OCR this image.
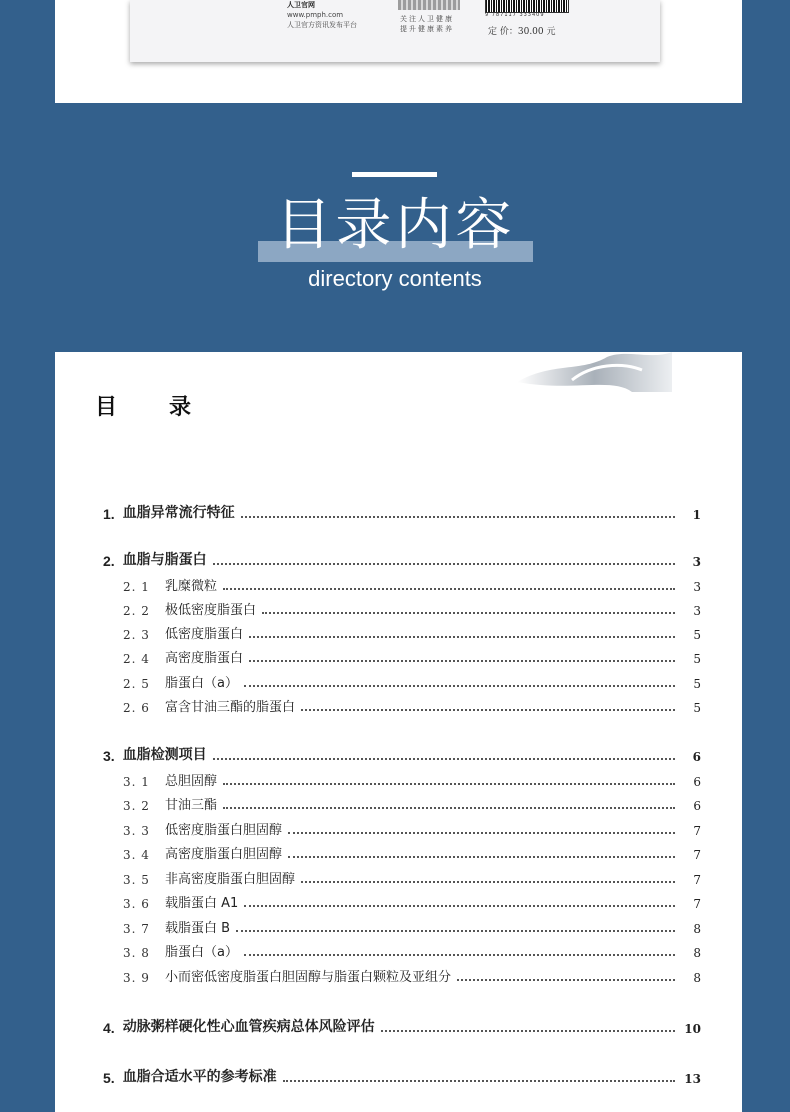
人卫官网
www.pmph.com
人卫官方资讯发布平台
关注人卫健康
提升健康素养
9 787117 333409
定 价：30.00 元
目录内容
directory contents
目 录
1. 血脂异常流行特征	1
2. 血脂与脂蛋白	3
2. 1	乳糜微粒	3
2. 2	极低密度脂蛋白	3
2. 3	低密度脂蛋白	5
2. 4	高密度脂蛋白	5
2. 5	脂蛋白（a）	5
2. 6	富含甘油三酯的脂蛋白	5
3. 血脂检测项目	6
3. 1	总胆固醇	6
3. 2	甘油三酯	6
3. 3	低密度脂蛋白胆固醇	7
3. 4	高密度脂蛋白胆固醇	7
3. 5	非高密度脂蛋白胆固醇	7
3. 6	载脂蛋白 A1	7
3. 7	载脂蛋白 B	8
3. 8	脂蛋白（a）	8
3. 9	小而密低密度脂蛋白胆固醇与脂蛋白颗粒及亚组分	8
4. 动脉粥样硬化性心血管疾病总体风险评估	10
5. 血脂合适水平的参考标准	13
